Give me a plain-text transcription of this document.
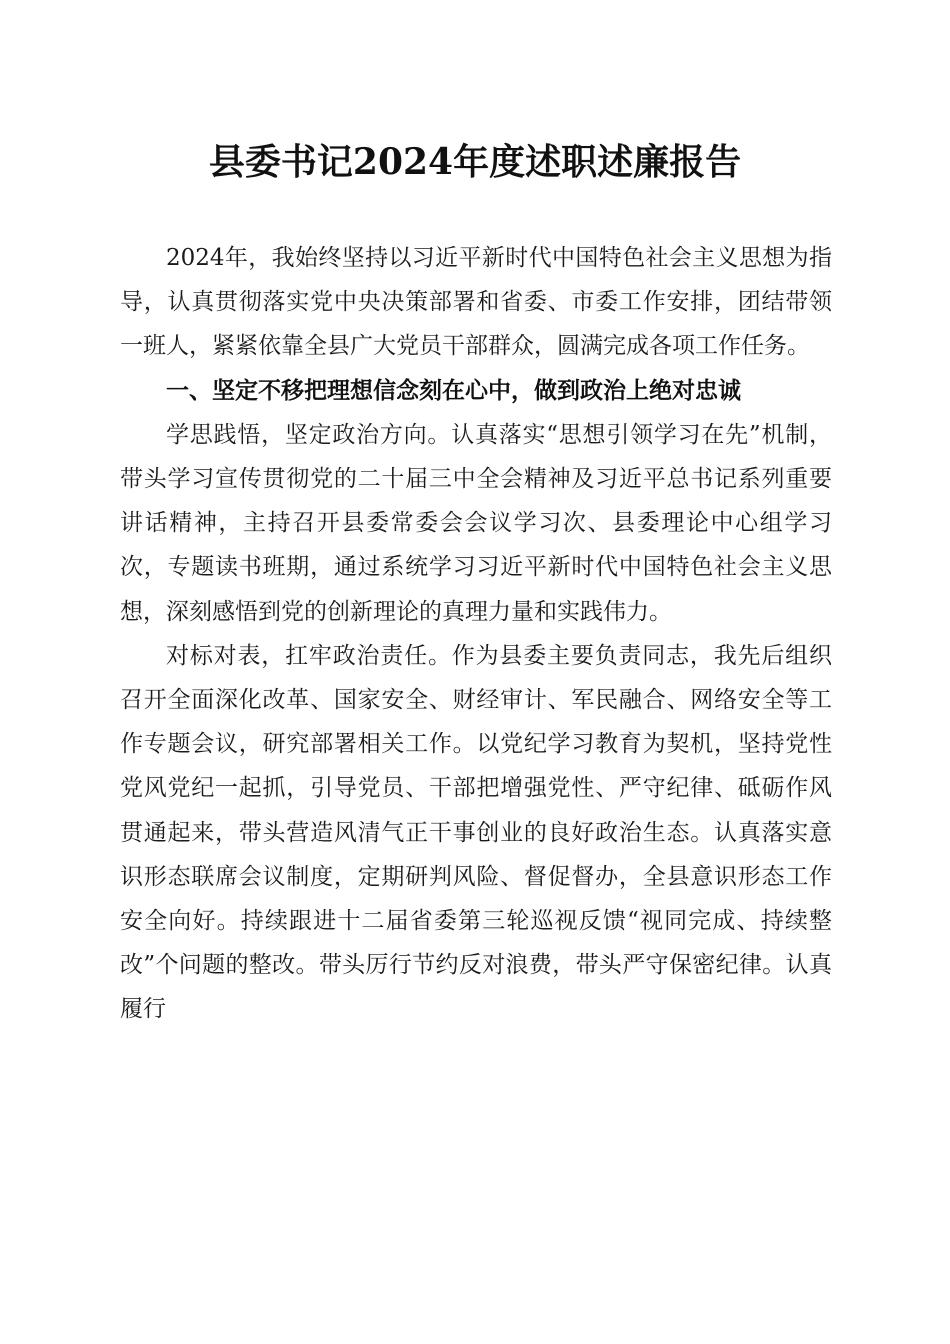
县委书记2024年度述职述廉报告

2024年，我始终坚持以习近平新时代中国特色社会主义思想为指导，认真贯彻落实党中央决策部署和省委、市委工作安排，团结带领一班人，紧紧依靠全县广大党员干部群众，圆满完成各项工作任务。

一、坚定不移把理想信念刻在心中，做到政治上绝对忠诚

学思践悟，坚定政治方向。认真落实“思想引领学习在先”机制，带头学习宣传贯彻党的二十届三中全会精神及习近平总书记系列重要讲话精神，主持召开县委常委会会议学习次、县委理论中心组学习次，专题读书班期，通过系统学习习近平新时代中国特色社会主义思想，深刻感悟到党的创新理论的真理力量和实践伟力。

对标对表，扛牢政治责任。作为县委主要负责同志，我先后组织召开全面深化改革、国家安全、财经审计、军民融合、网络安全等工作专题会议，研究部署相关工作。以党纪学习教育为契机，坚持党性党风党纪一起抓，引导党员、干部把增强党性、严守纪律、砥砺作风贯通起来，带头营造风清气正干事创业的良好政治生态。认真落实意识形态联席会议制度，定期研判风险、督促督办，全县意识形态工作安全向好。持续跟进十二届省委第三轮巡视反馈“视同完成、持续整改”个问题的整改。带头厉行节约反对浪费，带头严守保密纪律。认真履行
